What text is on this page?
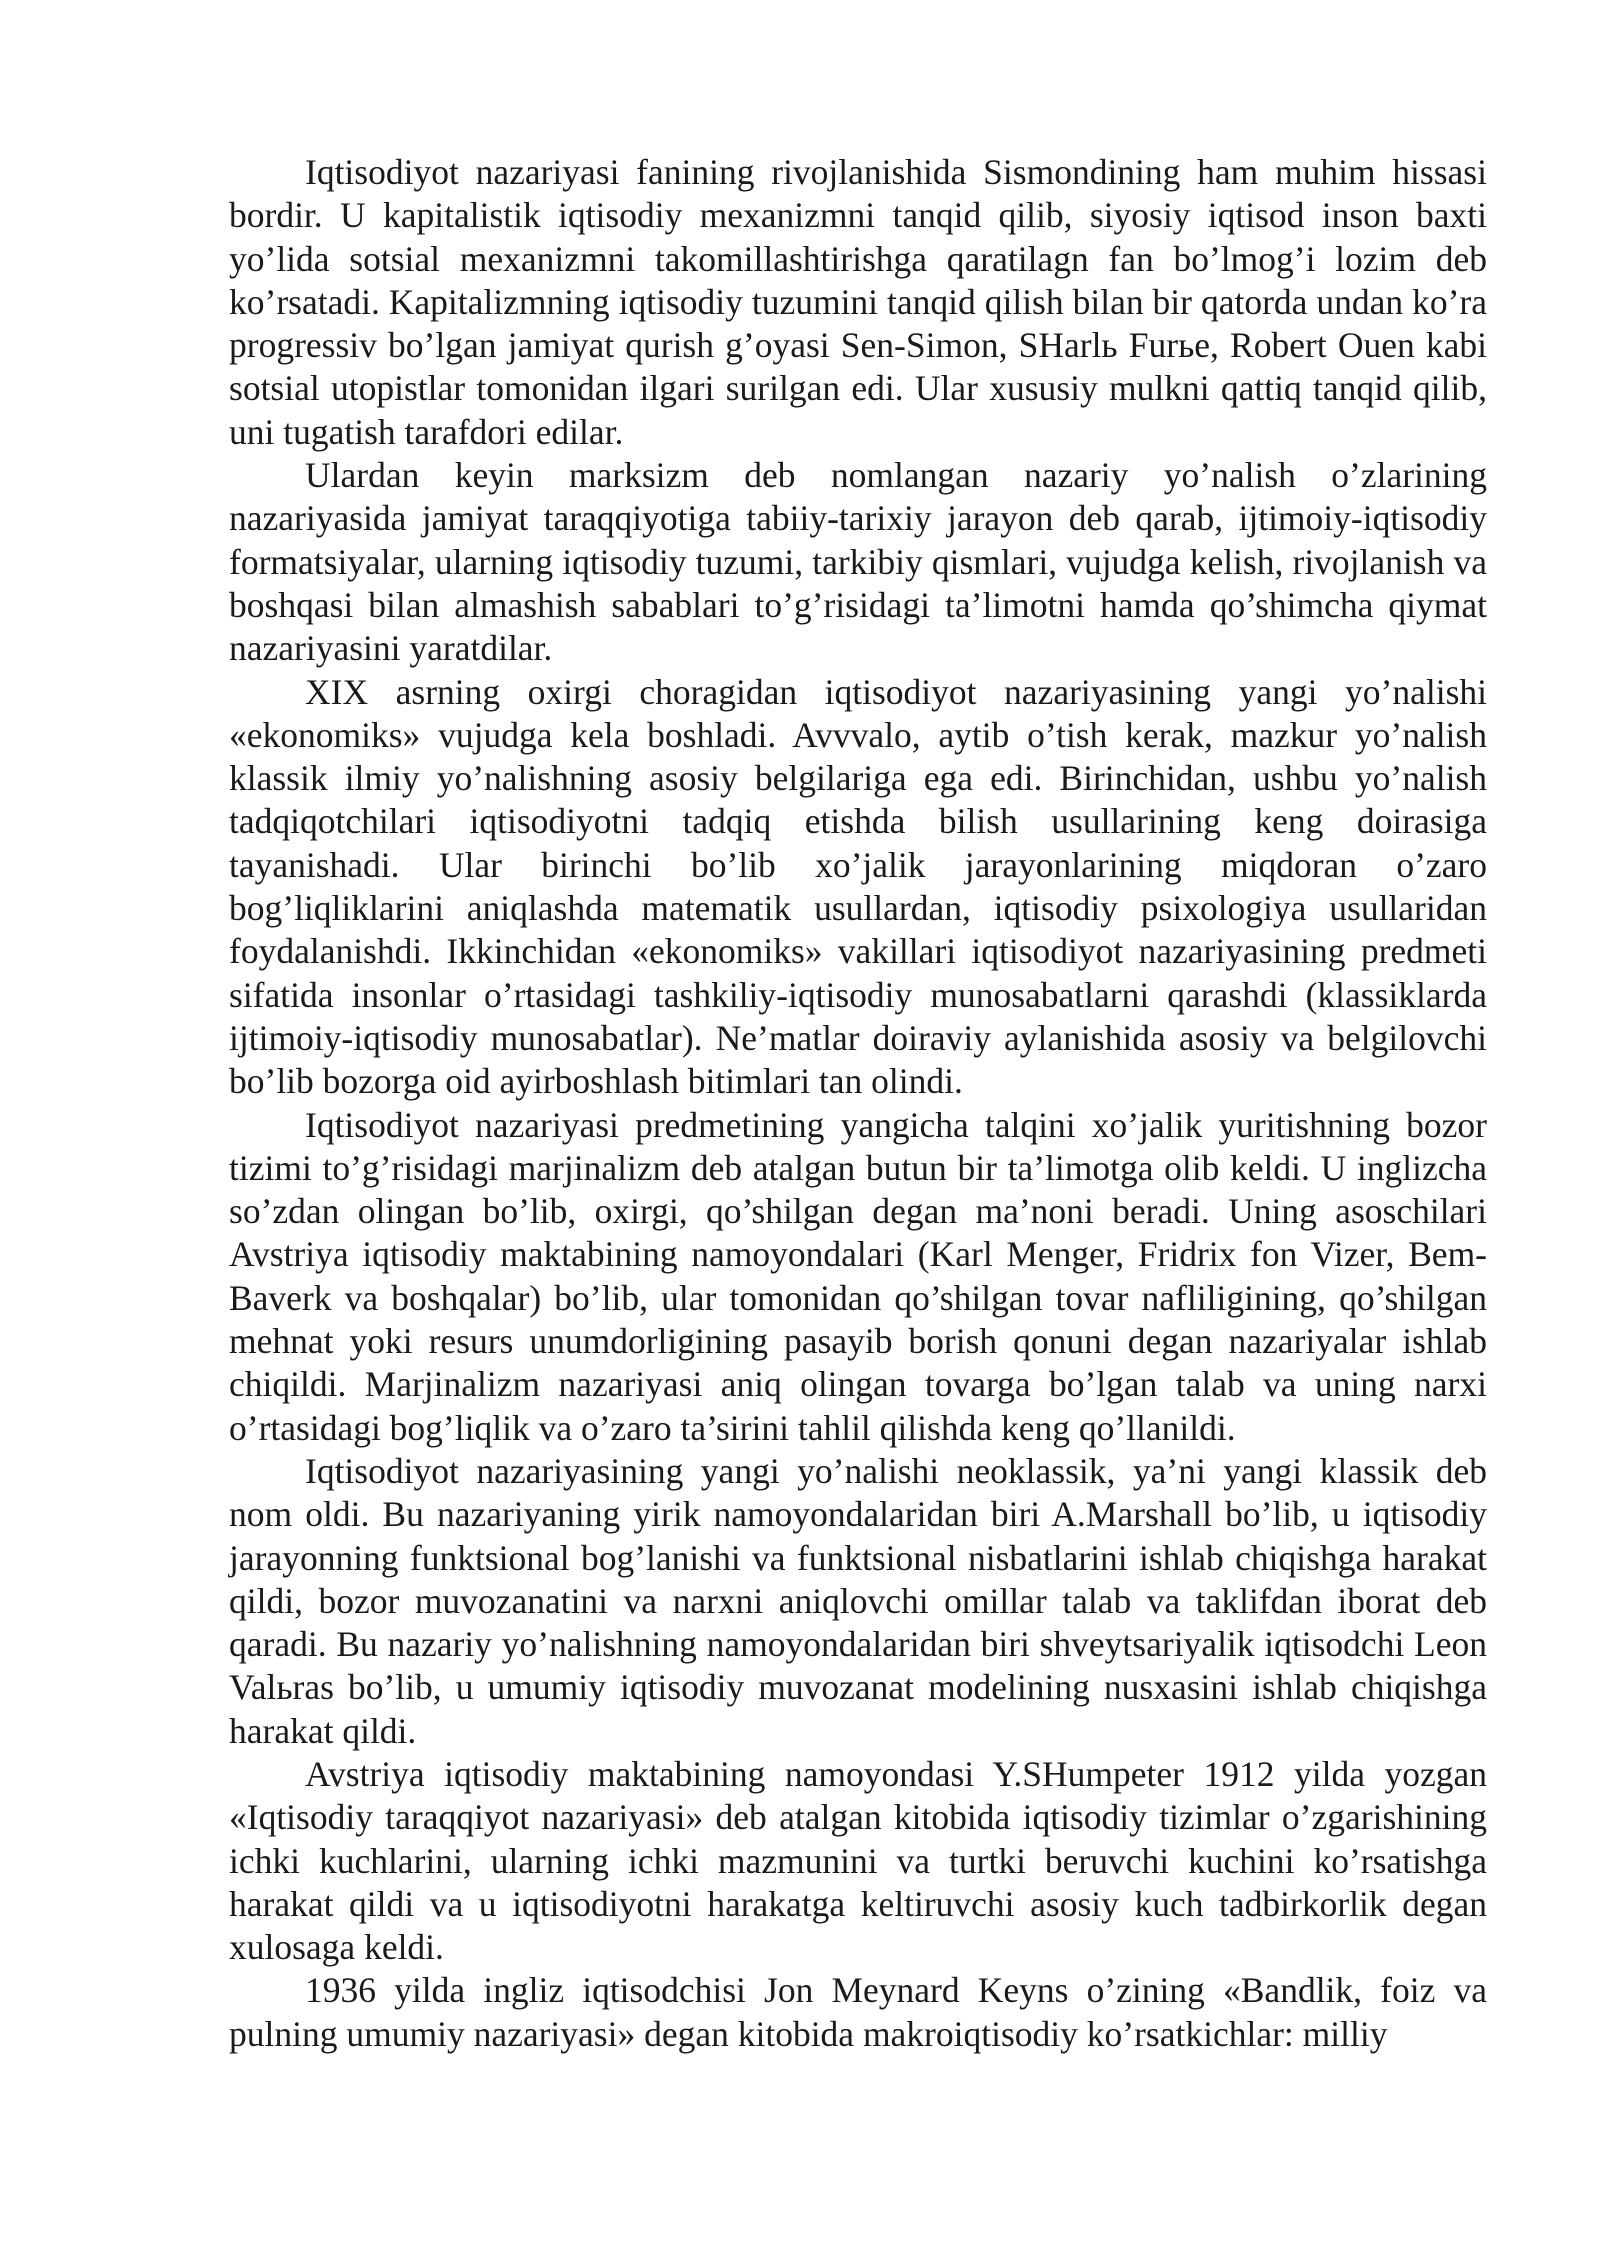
Iqtisodiyot nazariyasi fanining rivojlanishida Sismondining ham muhim hissasi bordir. U kapitalistik iqtisodiy mexanizmni tanqid qilib, siyosiy iqtisod inson baxti yo’lida sotsial mexanizmni takomillashtirishga qaratilagn fan bo’lmog’i lozim deb ko’rsatadi. Kapitalizmning iqtisodiy tuzumini tanqid qilish bilan bir qatorda undan ko’ra progressiv bo’lgan jamiyat qurish g’oyasi Sen-Simon, SHarlь Furьe, Robert Ouen kabi sotsial utopistlar tomonidan ilgari surilgan edi. Ular xususiy mulkni qattiq tanqid qilib, uni tugatish tarafdori edilar.

Ulardan keyin marksizm deb nomlangan nazariy yo’nalish o’zlarining nazariyasida jamiyat taraqqiyotiga tabiiy-tarixiy jarayon deb qarab, ijtimoiy-iqtisodiy formatsiyalar, ularning iqtisodiy tuzumi, tarkibiy qismlari, vujudga kelish, rivojlanish va boshqasi bilan almashish sabablari to’g’risidagi ta’limotni hamda qo’shimcha qiymat nazariyasini yaratdilar.

XIX asrning oxirgi choragidan iqtisodiyot nazariyasining yangi yo’nalishi «ekonomiks» vujudga kela boshladi. Avvvalo, aytib o’tish kerak, mazkur yo’nalish klassik ilmiy yo’nalishning asosiy belgilariga ega edi. Birinchidan, ushbu yo’nalish tadqiqotchilari iqtisodiyotni tadqiq etishda bilish usullarining keng doirasiga tayanishadi. Ular birinchi bo’lib xo’jalik jarayonlarining miqdoran o’zaro bog’liqliklarini aniqlashda matematik usullardan, iqtisodiy psixologiya usullaridan foydalanishdi. Ikkinchidan «ekonomiks» vakillari iqtisodiyot nazariyasining predmeti sifatida insonlar o’rtasidagi tashkiliy-iqtisodiy munosabatlarni qarashdi (klassiklarda ijtimoiy-iqtisodiy munosabatlar). Ne’matlar doiraviy aylanishida asosiy va belgilovchi bo’lib bozorga oid ayirboshlash bitimlari tan olindi.

Iqtisodiyot nazariyasi predmetining yangicha talqini xo’jalik yuritishning bozor tizimi to’g’risidagi marjinalizm deb atalgan butun bir ta’limotga olib keldi. U inglizcha so’zdan olingan bo’lib, oxirgi, qo’shilgan degan ma’noni beradi. Uning asoschilari Avstriya iqtisodiy maktabining namoyondalari (Karl Menger, Fridrix fon Vizer, Bem-Baverk va boshqalar) bo’lib, ular tomonidan qo’shilgan tovar nafliligining, qo’shilgan mehnat yoki resurs unumdorligining pasayib borish qonuni degan nazariyalar ishlab chiqildi. Marjinalizm nazariyasi aniq olingan tovarga bo’lgan talab va uning narxi o’rtasidagi bog’liqlik va o’zaro ta’sirini tahlil qilishda keng qo’llanildi.

Iqtisodiyot nazariyasining yangi yo’nalishi neoklassik, ya’ni yangi klassik deb nom oldi. Bu nazariyaning yirik namoyondalaridan biri A.Marshall bo’lib, u iqtisodiy jarayonning funktsional bog’lanishi va funktsional nisbatlarini ishlab chiqishga harakat qildi, bozor muvozanatini va narxni aniqlovchi omillar talab va taklifdan iborat deb qaradi. Bu nazariy yo’nalishning namoyondalaridan biri shveytsariyalik iqtisodchi Leon Valьras bo’lib, u umumiy iqtisodiy muvozanat modelining nusxasini ishlab chiqishga harakat qildi.

Avstriya iqtisodiy maktabining namoyondasi Y.SHumpeter 1912 yilda yozgan «Iqtisodiy taraqqiyot nazariyasi» deb atalgan kitobida iqtisodiy tizimlar o’zgarishining ichki kuchlarini, ularning ichki mazmunini va turtki beruvchi kuchini ko’rsatishga harakat qildi va u iqtisodiyotni harakatga keltiruvchi asosiy kuch tadbirkorlik degan xulosaga keldi.

1936 yilda ingliz iqtisodchisi Jon Meynard Keyns o’zining «Bandlik, foiz va pulning umumiy nazariyasi» degan kitobida makroiqtisodiy ko’rsatkichlar: milliy
